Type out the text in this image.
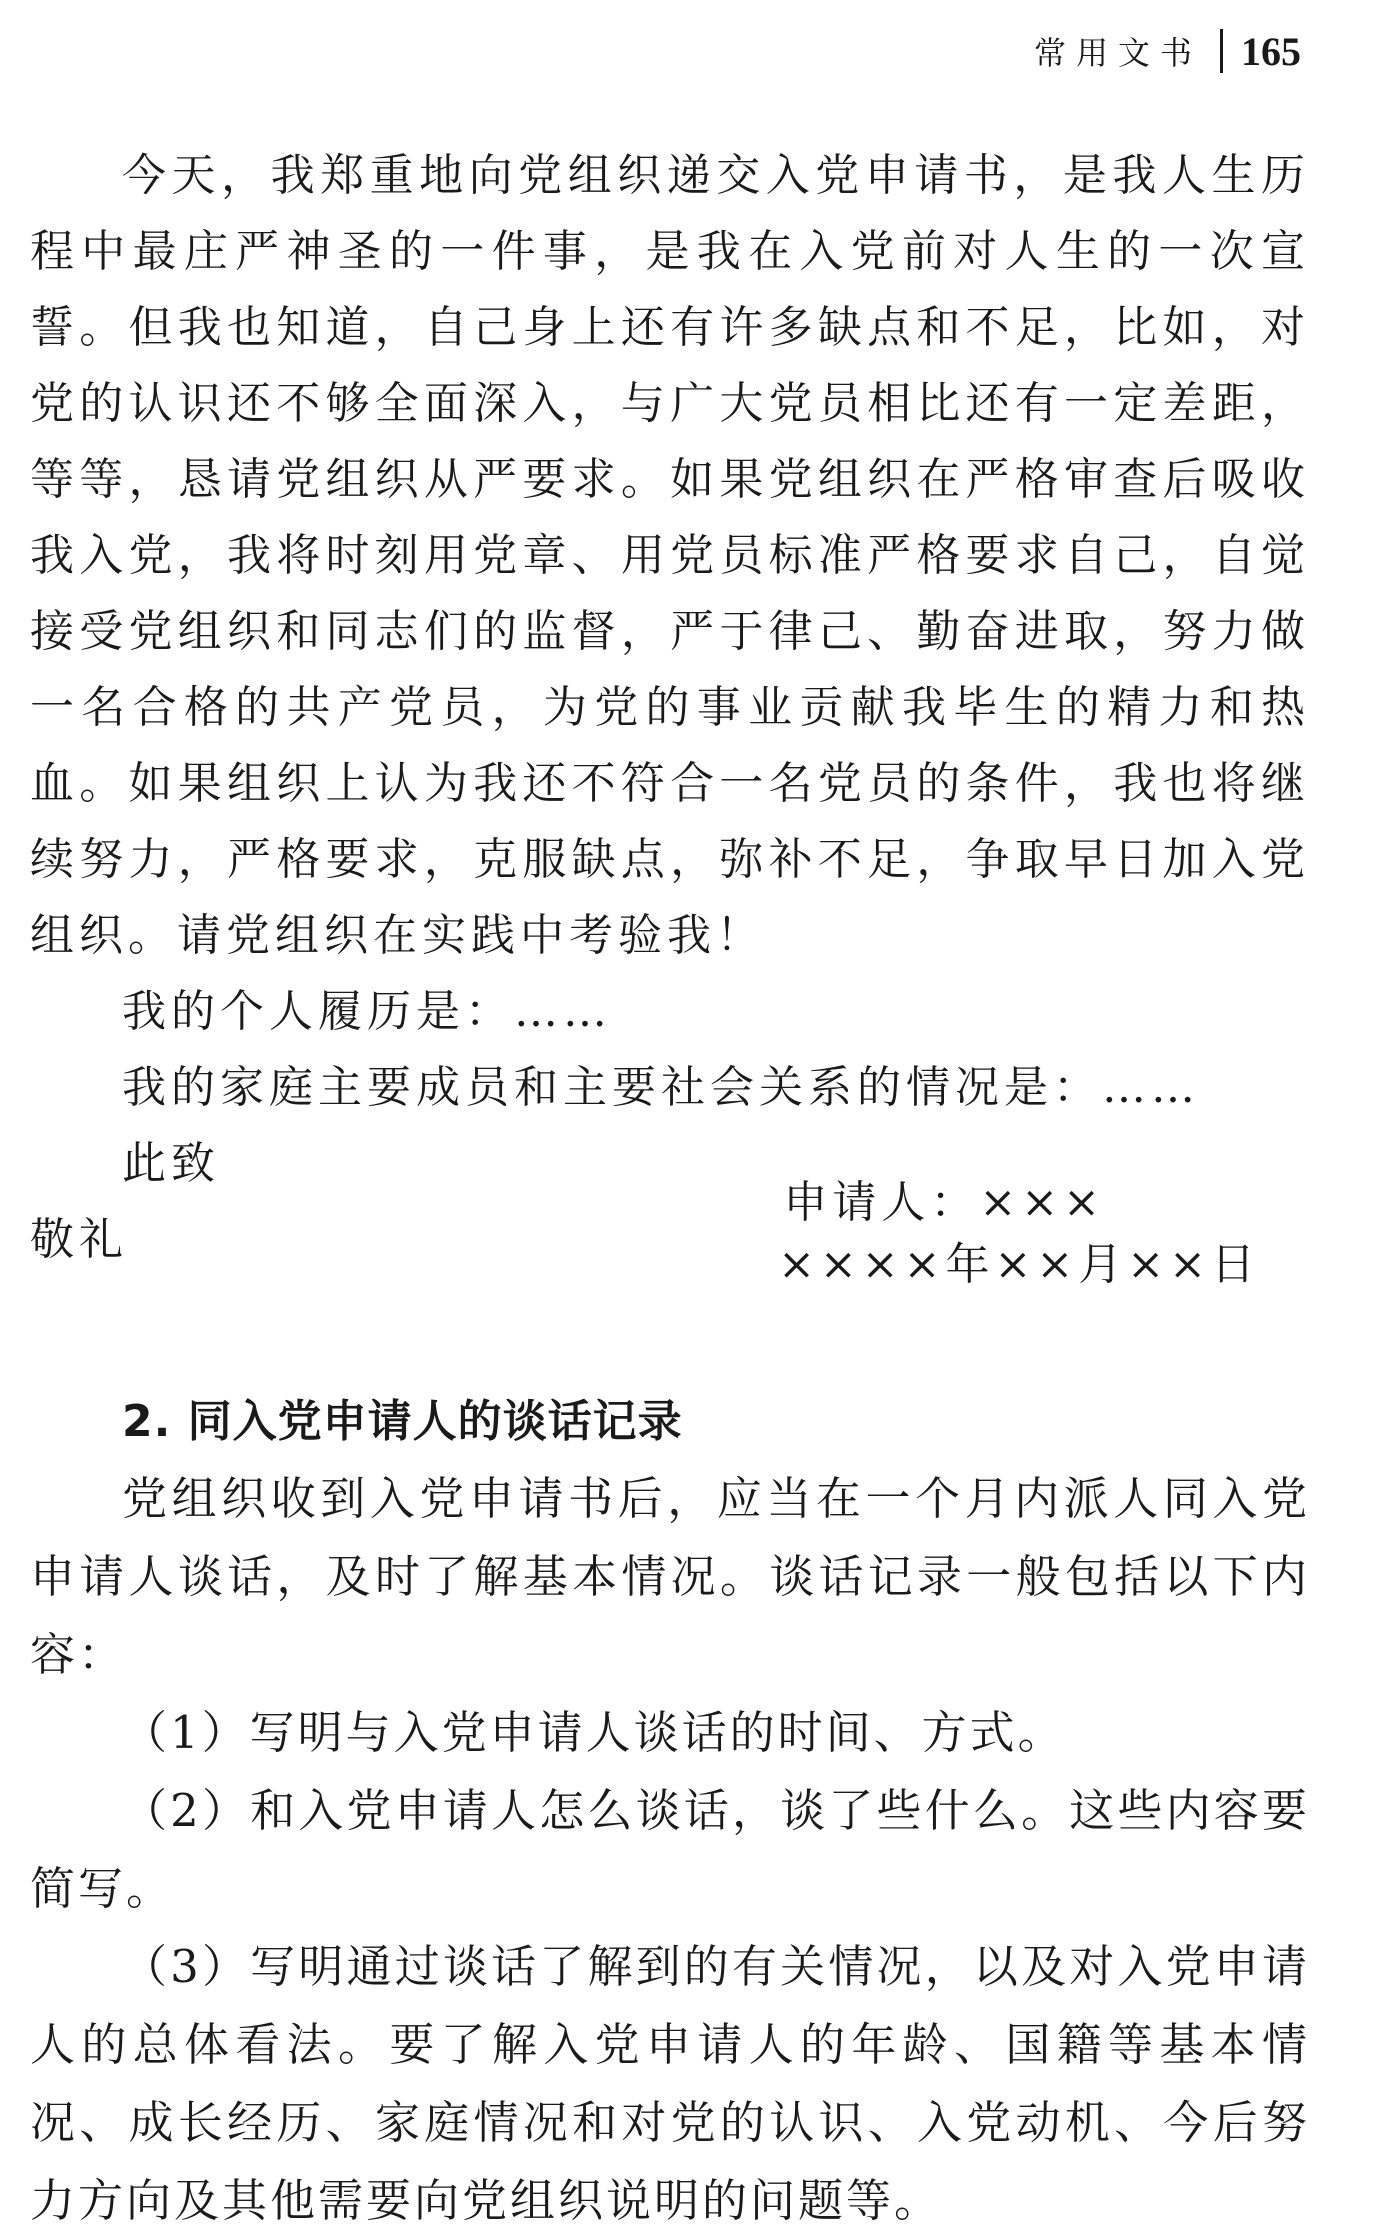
常用文书 165

今天，我郑重地向党组织递交入党申请书，是我人生历程中最庄严神圣的一件事，是我在入党前对人生的一次宣誓。但我也知道，自己身上还有许多缺点和不足，比如，对党的认识还不够全面深入，与广大党员相比还有一定差距，等等，恳请党组织从严要求。如果党组织在严格审查后吸收我入党，我将时刻用党章、用党员标准严格要求自己，自觉接受党组织和同志们的监督，严于律己、勤奋进取，努力做一名合格的共产党员，为党的事业贡献我毕生的精力和热血。如果组织上认为我还不符合一名党员的条件，我也将继续努力，严格要求，克服缺点，弥补不足，争取早日加入党组织。请党组织在实践中考验我！

我的个人履历是：……

我的家庭主要成员和主要社会关系的情况是：……

此致

敬礼

申请人：×××

××××年××月××日

2. 同入党申请人的谈话记录

党组织收到入党申请书后，应当在一个月内派人同入党申请人谈话，及时了解基本情况。谈话记录一般包括以下内容：

（1）写明与入党申请人谈话的时间、方式。

（2）和入党申请人怎么谈话，谈了些什么。这些内容要简写。

（3）写明通过谈话了解到的有关情况，以及对入党申请人的总体看法。要了解入党申请人的年龄、国籍等基本情况、成长经历、家庭情况和对党的认识、入党动机、今后努力方向及其他需要向党组织说明的问题等。
